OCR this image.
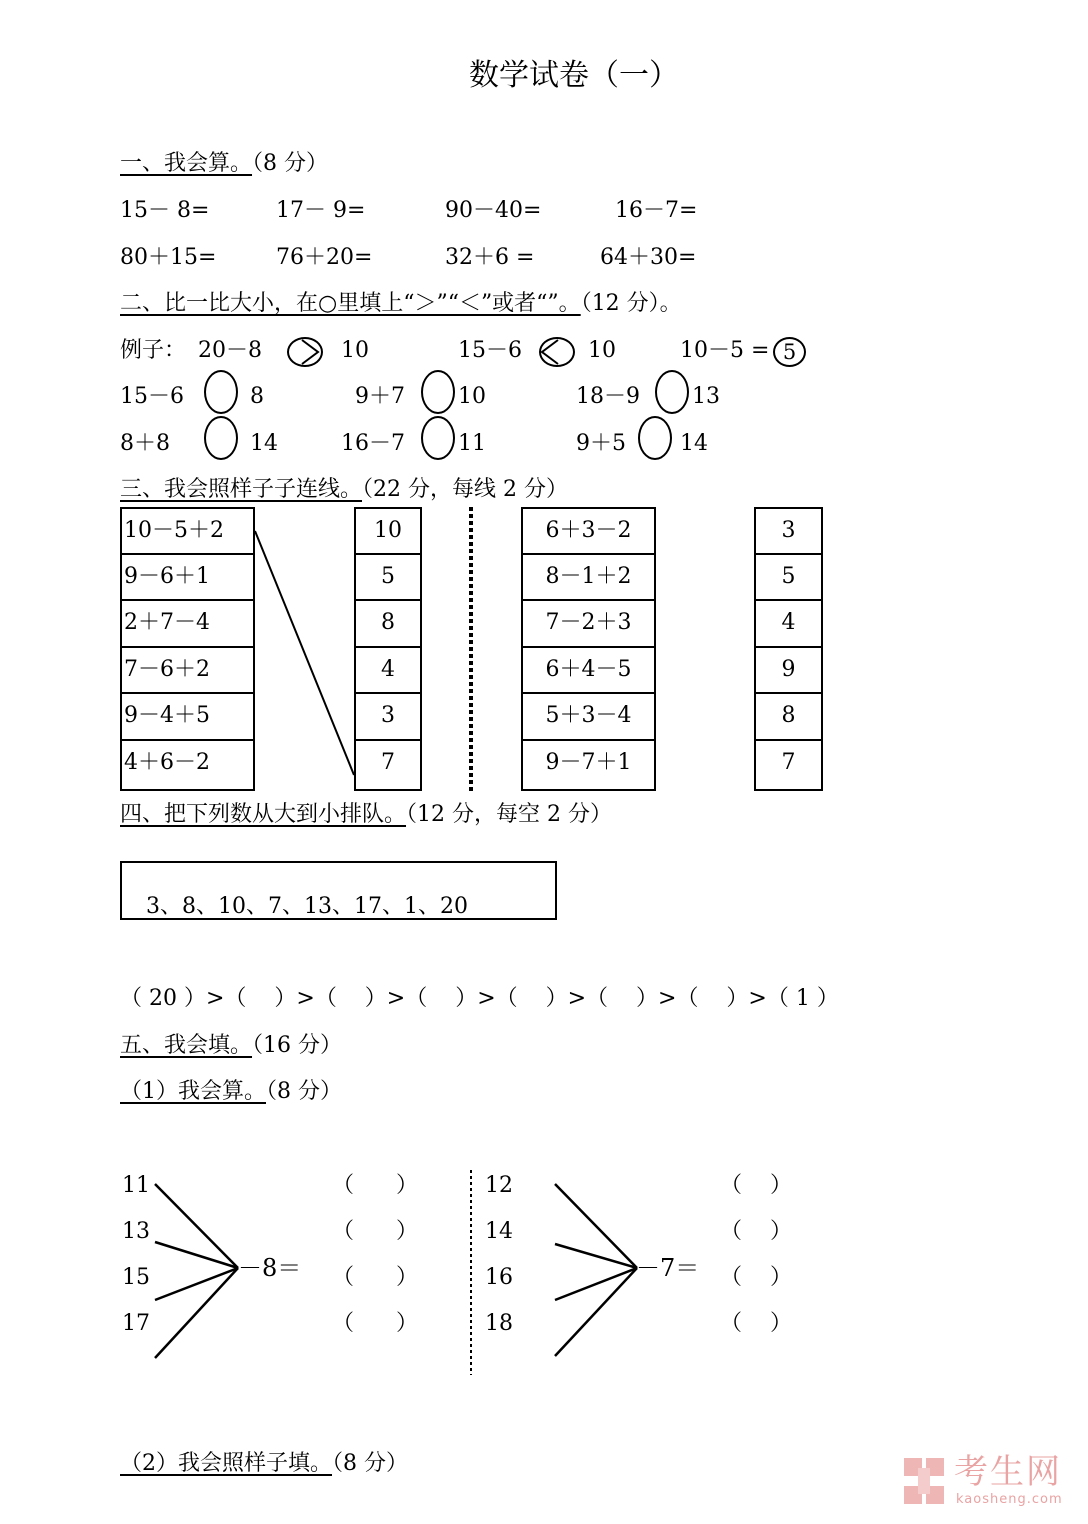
数学试卷（一）
一、我会算。（8 分）
15－ 8=	17－ 9=	90－40=	16－7=
80＋15=	76＋20=	32＋6 =	64＋30=
二、比一比大小，在○里填上“＞”“＜”或者“”。（12 分）。
例子： 20－8	10	15－6	10	10－5 = 5
15－6	8	9＋7 10	18－9 13
8＋8	14	16－7 11	9＋5 14
三、我会照样子子连线。（22 分，每线 2 分）
10－5＋2
9－6＋1
2＋7－4
7－6＋2
9－4＋5
4＋6－2
10
5
8
4
3
7
6＋3－2
8－1＋2
7－2＋3
6＋4－5
5＋3－4
9－7＋1
3
5
4
9
8
7
四、把下列数从大到小排队。（12 分，每空 2 分）
3、8、10、7、13、17、1、20
（ 20 ）>（    ）>（    ）>（    ）>（    ）>（    ）>（    ）>（ 1 ）
五、我会填。（16 分）
（1）我会算。（8 分）
11
13
15
17
－8＝
（      ）
（      ）
（      ）
（      ）
12
14
16
18
－7＝
（    ）
（    ）
（    ）
（    ）
（2）我会照样子填。（8 分）	考生网
kaosheng.com
